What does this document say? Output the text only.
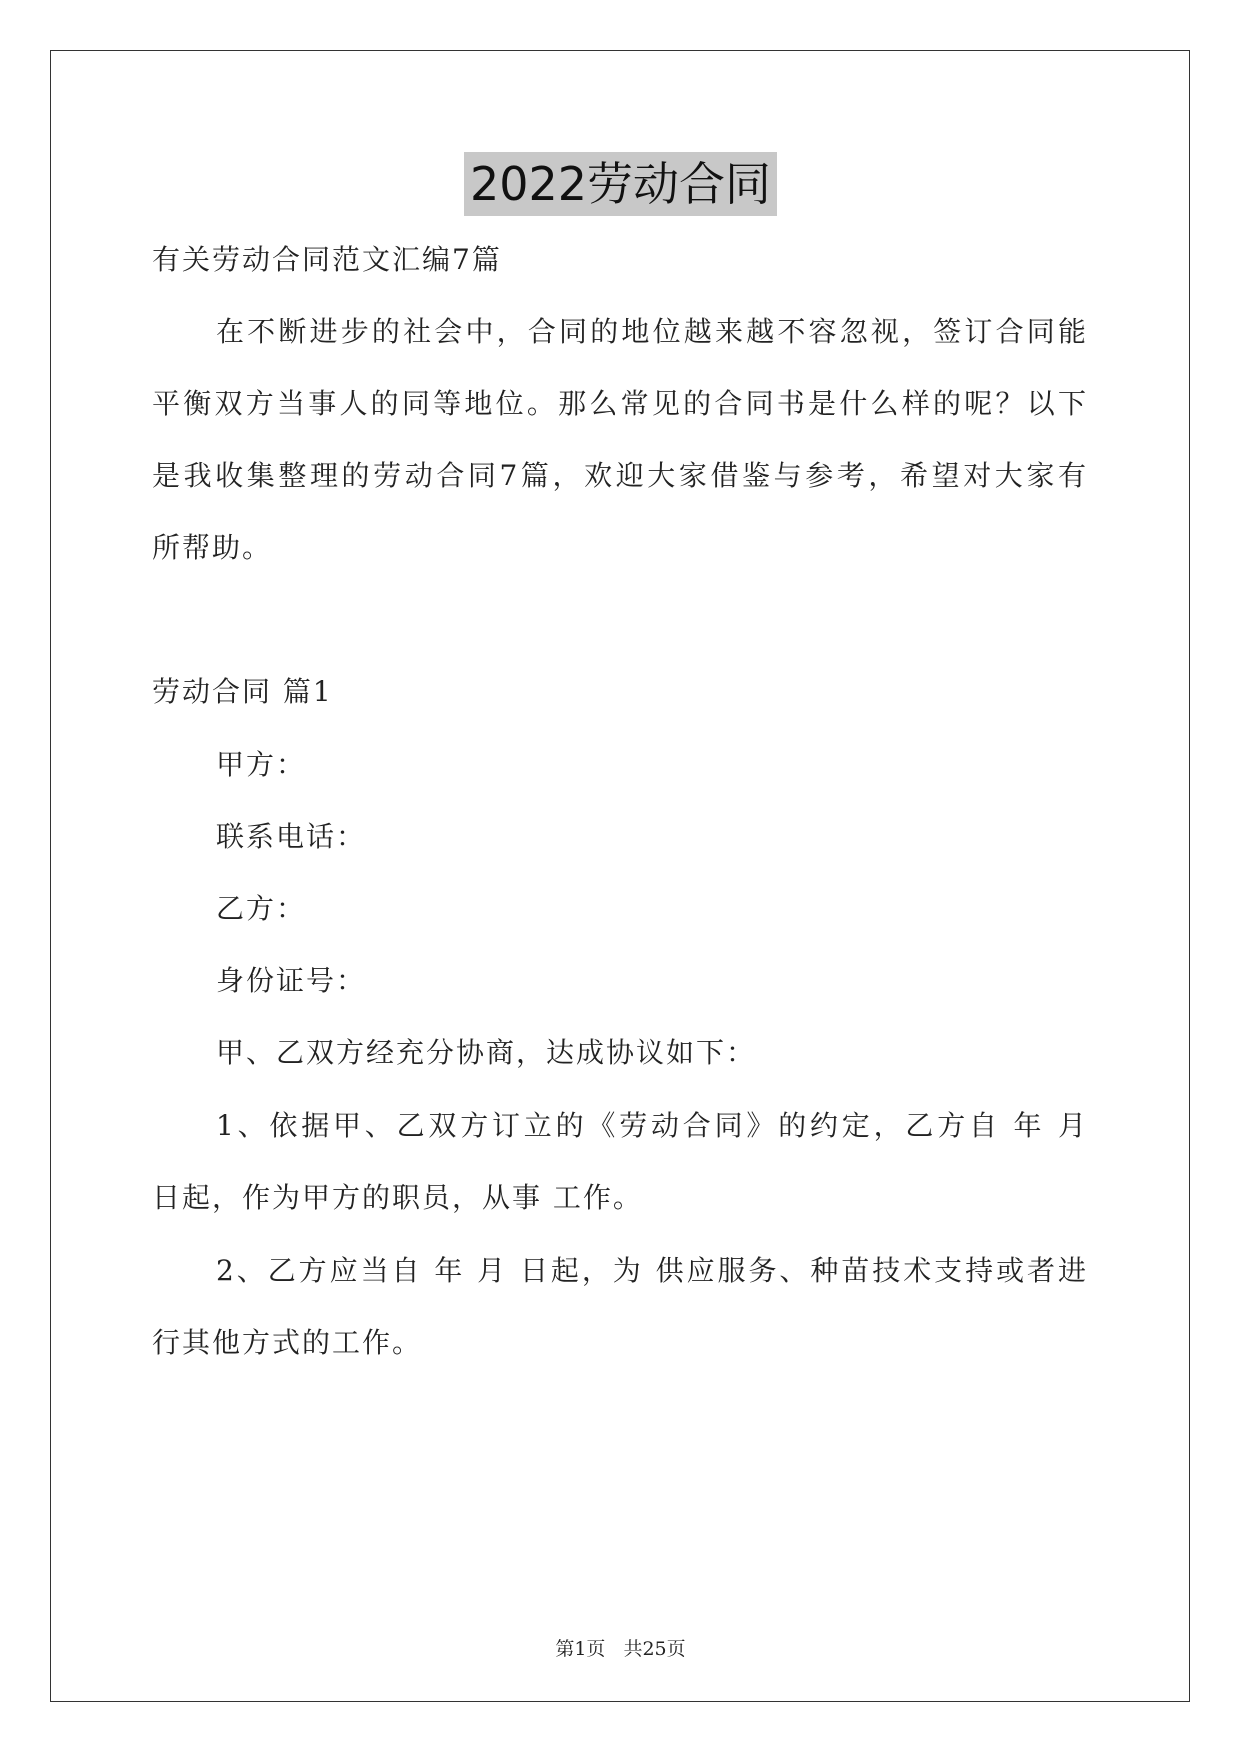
2022劳动合同
有关劳动合同范文汇编7篇
在不断进步的社会中，合同的地位越来越不容忽视，签订合同能
平衡双方当事人的同等地位。那么常见的合同书是什么样的呢？以下
是我收集整理的劳动合同7篇，欢迎大家借鉴与参考，希望对大家有
所帮助。
劳动合同 篇1
甲方：
联系电话：
乙方：
身份证号：
甲、乙双方经充分协商，达成协议如下：
1、依据甲、乙双方订立的《劳动合同》的约定，乙方自 年 月
日起，作为甲方的职员，从事 工作。
2、乙方应当自 年 月 日起，为 供应服务、种苗技术支持或者进
行其他方式的工作。
第1页 共25页
